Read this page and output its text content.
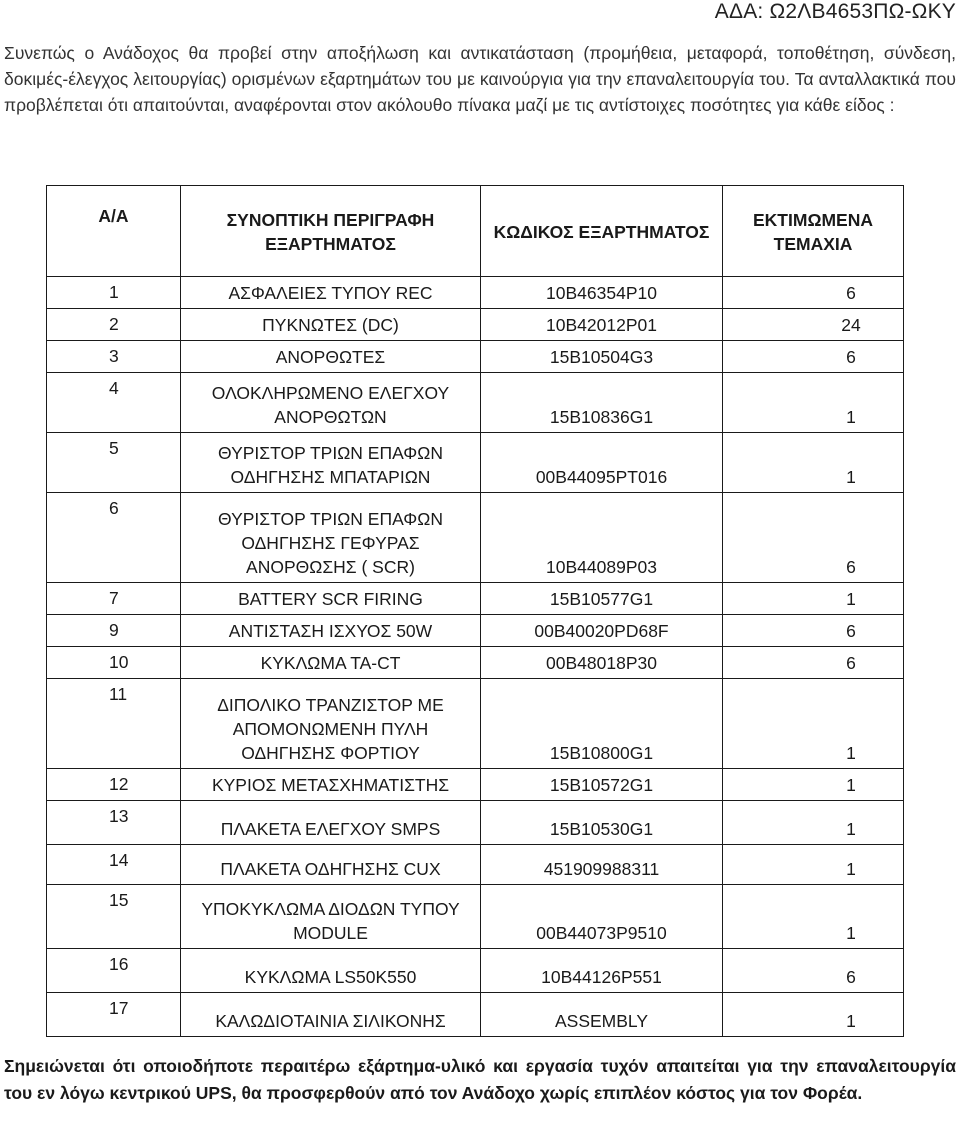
ΑΔΑ: Ω2ΛΒ4653ΠΩ-ΩΚΥ
Συνεπώς ο Ανάδοχος θα προβεί στην αποξήλωση και αντικατάσταση (προμήθεια, μεταφορά, τοποθέτηση, σύνδεση, δοκιμές-έλεγχος λειτουργίας) ορισμένων εξαρτημάτων του με καινούργια για την επαναλειτουργία του. Τα ανταλλακτικά που προβλέπεται ότι απαιτούνται, αναφέρονται στον ακόλουθο πίνακα μαζί με τις αντίστοιχες ποσότητες για κάθε είδος :
Α/Α	ΣΥΝΟΠΤΙΚΗ ΠΕΡΙΓΡΑΦΗ ΕΞΑΡΤΗΜΑΤΟΣ	ΚΩΔΙΚΟΣ ΕΞΑΡΤΗΜΑΤΟΣ	ΕΚΤΙΜΩΜΕΝΑ ΤΕΜΑΧΙΑ
1	ΑΣΦΑΛΕΙΕΣ ΤΥΠΟΥ REC	10B46354P10	6
2	ΠΥΚΝΩΤΕΣ (DC)	10B42012P01	24
3	ΑΝΟΡΘΩΤΕΣ	15B10504G3	6
4	ΟΛΟΚΛΗΡΩΜΕΝΟ ΕΛΕΓΧΟΥ ΑΝΟΡΘΩΤΩΝ	15B10836G1	1
5	ΘΥΡΙΣΤΟΡ ΤΡΙΩΝ ΕΠΑΦΩΝ ΟΔΗΓΗΣΗΣ ΜΠΑΤΑΡΙΩΝ	00B44095PT016	1
6	ΘΥΡΙΣΤΟΡ ΤΡΙΩΝ ΕΠΑΦΩΝ ΟΔΗΓΗΣΗΣ ΓΕΦΥΡΑΣ ΑΝΟΡΘΩΣΗΣ ( SCR)	10B44089P03	6
7	BATTERY SCR FIRING	15B10577G1	1
9	ΑΝΤΙΣΤΑΣΗ ΙΣΧΥΟΣ 50W	00B40020PD68F	6
10	ΚΥΚΛΩΜΑ ΤΑ-CT	00B48018P30	6
11	ΔΙΠΟΛΙΚΟ ΤΡΑΝΖΙΣΤΟΡ ΜΕ ΑΠΟΜΟΝΩΜΕΝΗ ΠΥΛΗ ΟΔΗΓΗΣΗΣ ΦΟΡΤΙΟΥ	15B10800G1	1
12	ΚΥΡΙΟΣ ΜΕΤΑΣΧΗΜΑΤΙΣΤΗΣ	15B10572G1	1
13	ΠΛΑΚΕΤΑ ΕΛΕΓΧΟΥ SMPS	15B10530G1	1
14	ΠΛΑΚΕΤΑ ΟΔΗΓΗΣΗΣ CUX	451909988311	1
15	ΥΠΟΚΥΚΛΩΜΑ ΔΙΟΔΩΝ ΤΥΠΟΥ MODULE	00B44073P9510	1
16	ΚΥΚΛΩΜΑ LS50K550	10B44126P551	6
17	ΚΑΛΩΔΙΟΤΑΙΝΙΑ ΣΙΛΙΚΟΝΗΣ	ASSEMBLY	1
Σημειώνεται ότι οποιοδήποτε περαιτέρω εξάρτημα-υλικό και εργασία τυχόν απαιτείται για την επαναλειτουργία του εν λόγω κεντρικού UPS, θα προσφερθούν από τον Ανάδοχο χωρίς επιπλέον κόστος για τον Φορέα.
